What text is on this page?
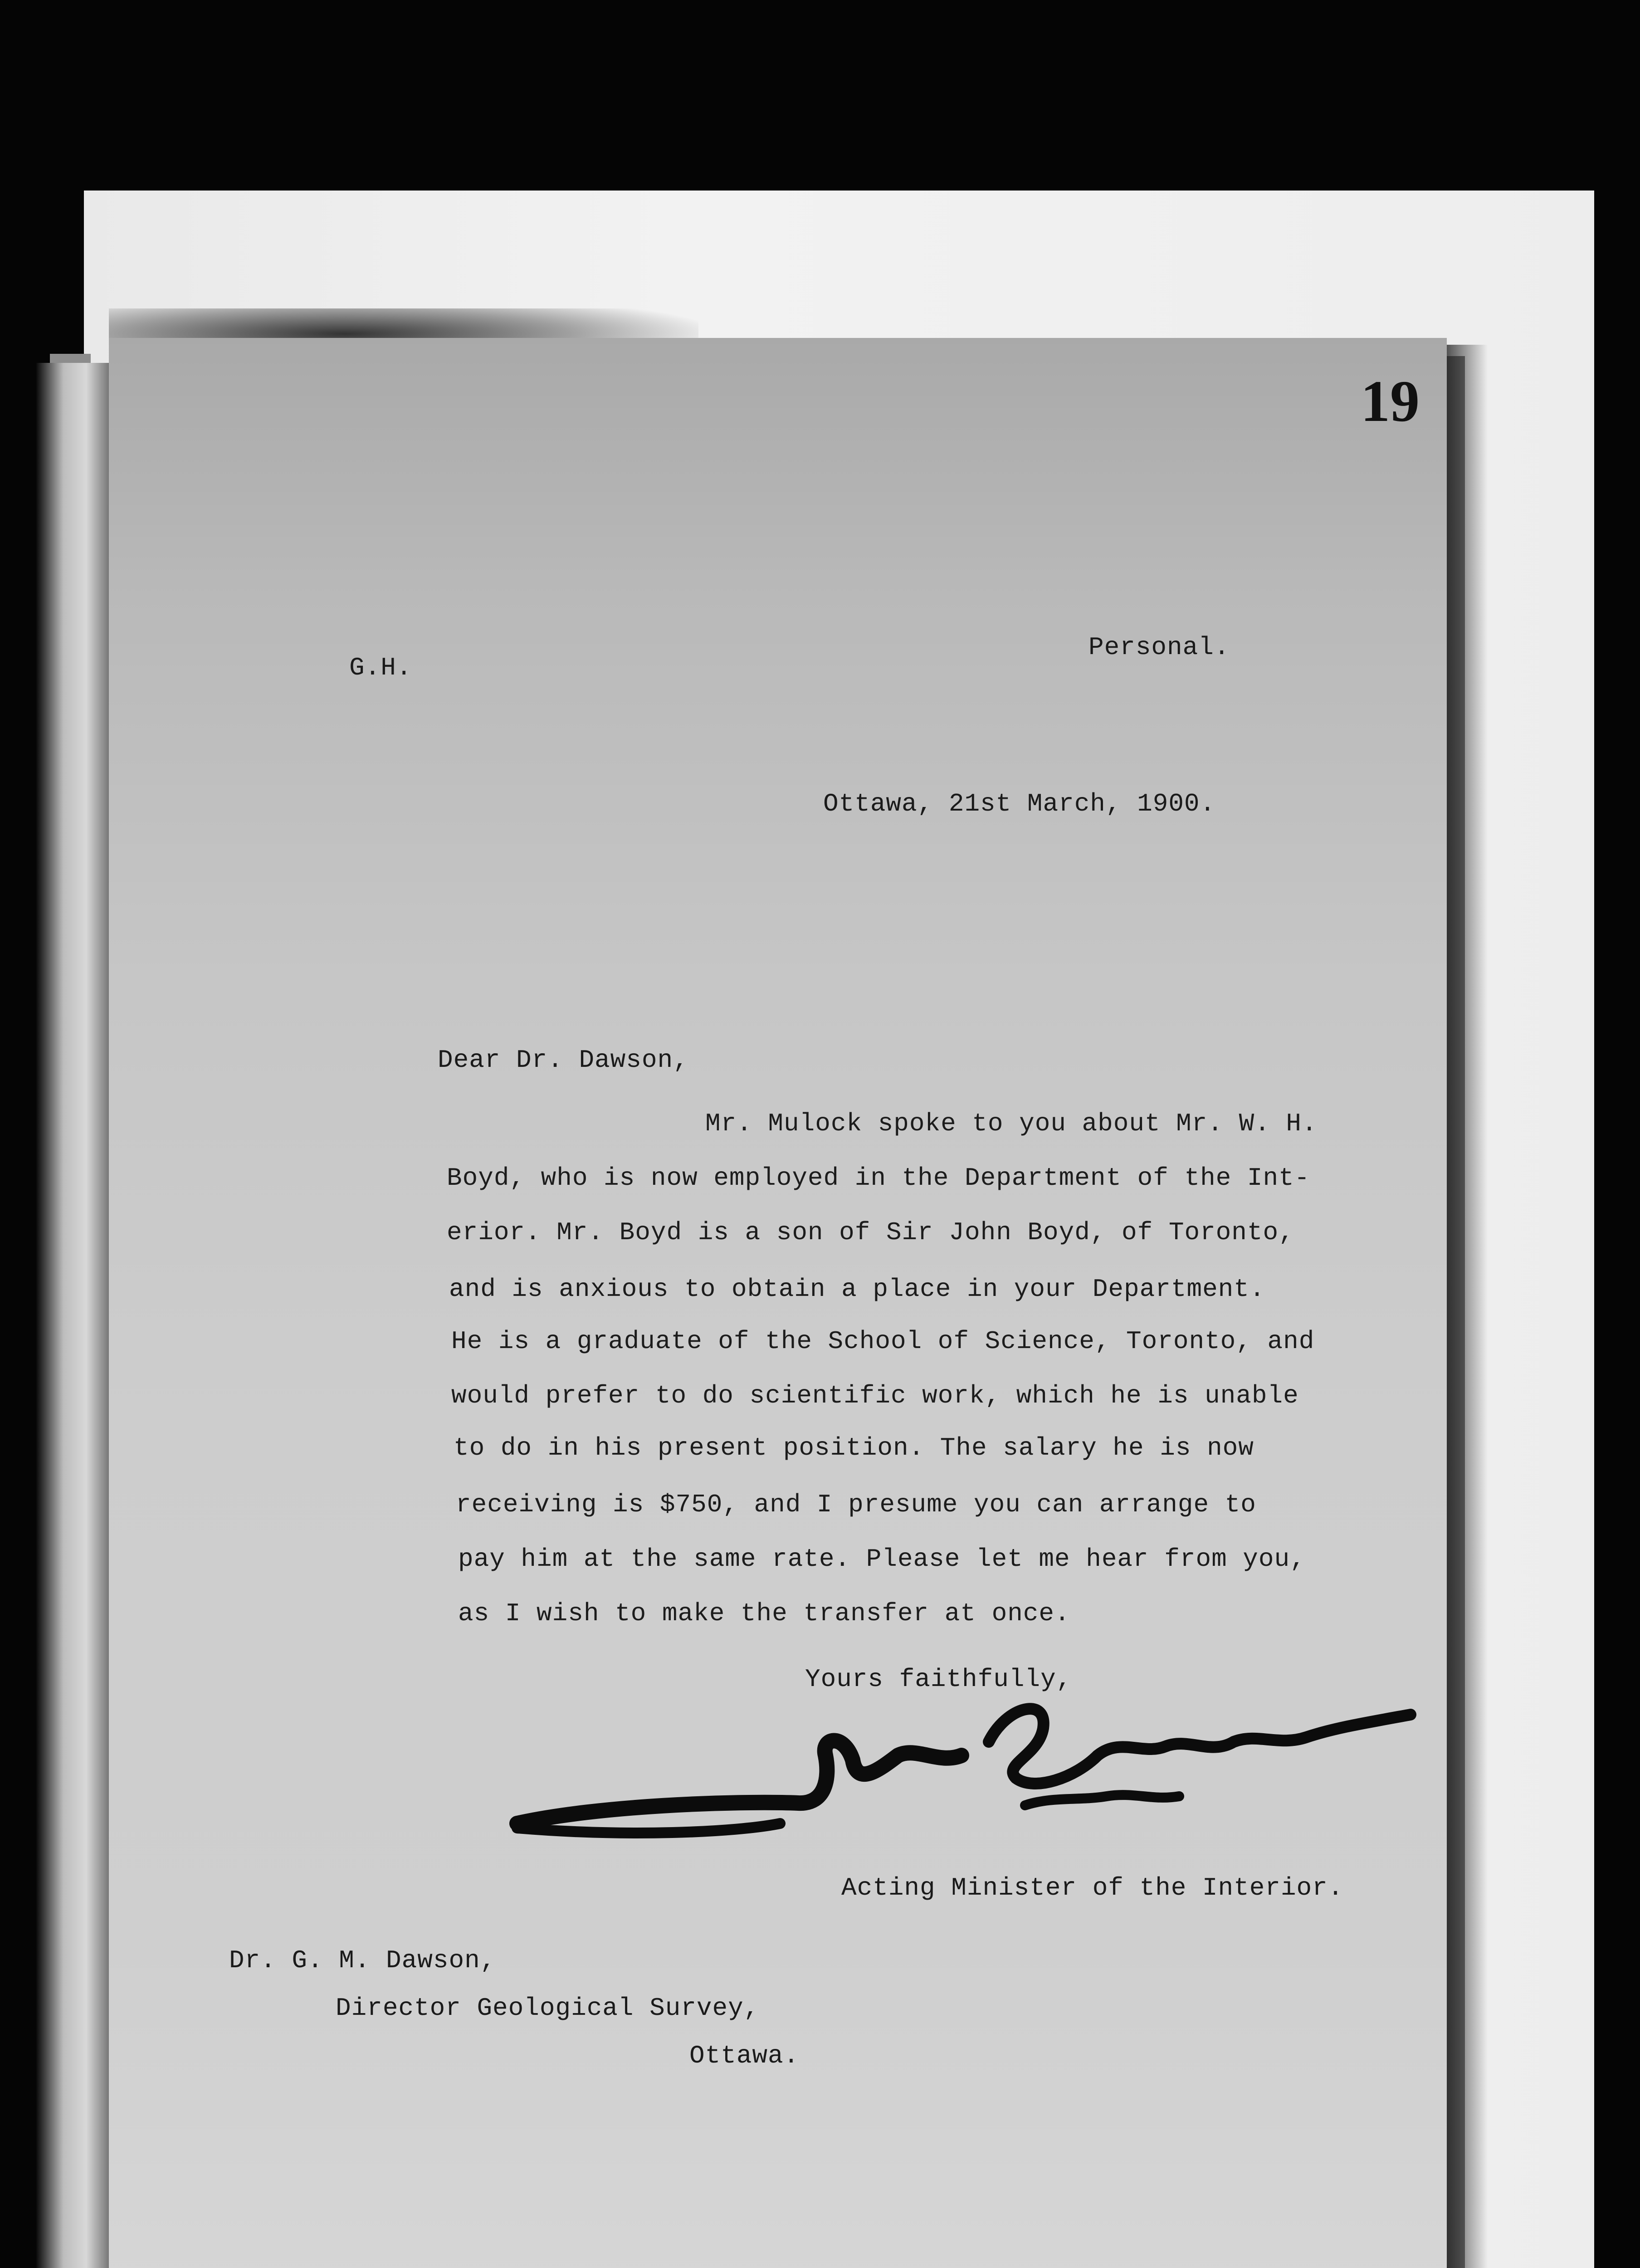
19
G.H.
Personal.
Ottawa, 21st March, 1900.
Dear Dr. Dawson,
Mr. Mulock spoke to you about Mr. W. H.
Boyd, who is now employed in the Department of the Int-
erior. Mr. Boyd is a son of Sir John Boyd, of Toronto,
and is anxious to obtain a place in your Department.
He is a graduate of the School of Science, Toronto, and
would prefer to do scientific work, which he is unable
to do in his present position. The salary he is now
receiving is $750, and I presume you can arrange to
pay him at the same rate. Please let me hear from you,
as I wish to make the transfer at once.
Yours faithfully,
James Sutherland
Acting Minister of the Interior.
Dr. G. M. Dawson,
Director Geological Survey,
Ottawa.
